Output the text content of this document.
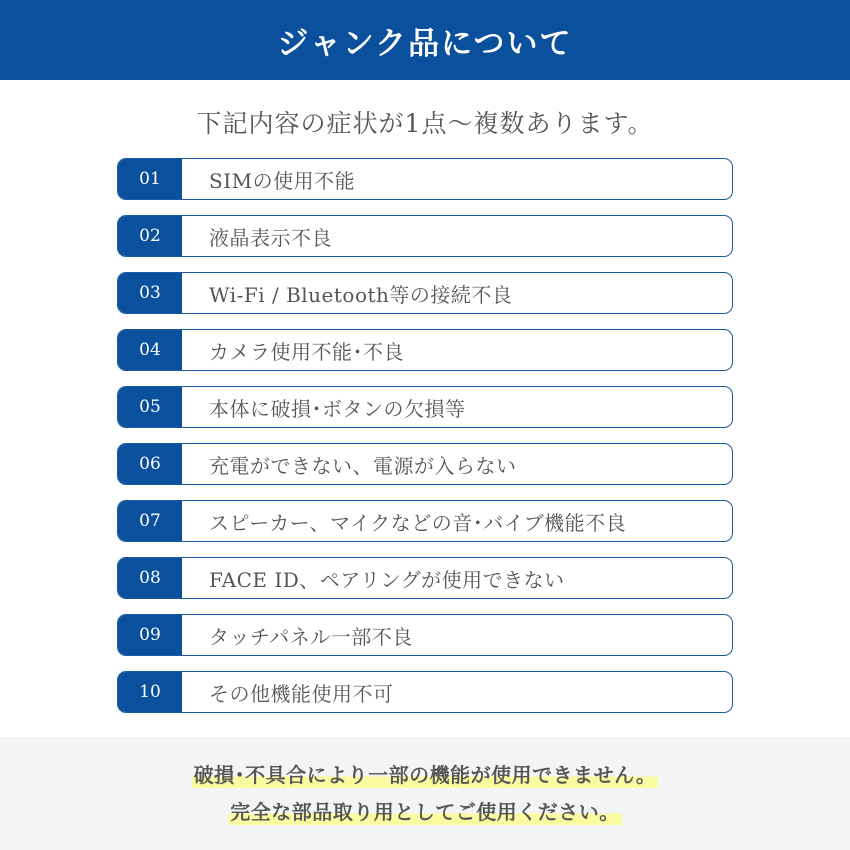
ジャンク品について
下記内容の症状が1点〜複数あります。
01	SIMの使用不能
02	液晶表示不良
03	Wi-Fi / Bluetooth等の接続不良
04	カメラ使用不能･不良
05	本体に破損･ボタンの欠損等
06	充電ができない、電源が入らない
07	スピーカー、マイクなどの音･バイブ機能不良
08	FACE ID、ペアリングが使用できない
09	タッチパネル一部不良
10	その他機能使用不可
破損･不具合により一部の機能が使用できません。
完全な部品取り用としてご使用ください。
